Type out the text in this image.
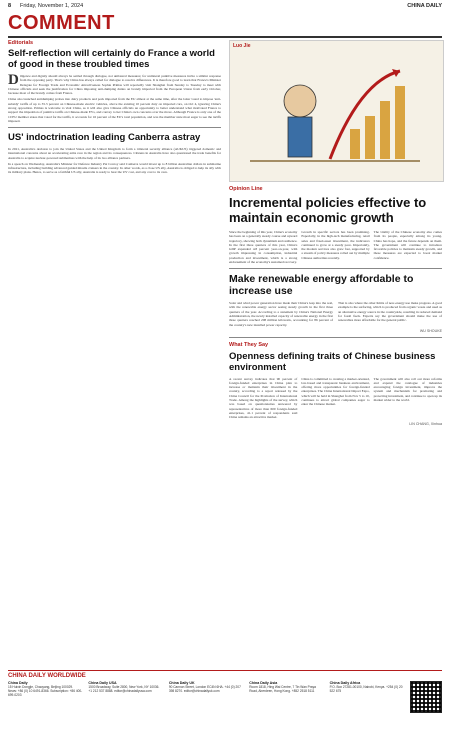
8 Friday, November 1, 2024	CHINA DAILY
COMMENT
Editorials
Self-reflection will certainly do France a world of good in these troubled times

Diligence and dignity should always be settled through dialogue, not unilateral measures; for unilateral punitive measures invite a similar response from the opposing party. That's why China has always called for dialogue to resolve differences. It is therefore good to learn that France's Minister Delegate for Foreign Trade and Economic Attractiveness Sophie Primas will reportedly visit Shanghai from Sunday to Tuesday to meet with Chinese officials and seek the justification for China imposing anti-dumping duties on brandy imported from the European Union from early October, because most of the brandy comes from France.

China also launched antidumping probes into dairy products and pork imported from the EU almost at the same time, after the latter voted to impose 'anti-subsidy' tariffs of up to 35.3 percent on Chinese-made electric vehicles, above the existing 10 percent duty on imported cars, on Oct 4, ignoring China's strong opposition. Primas is welcome to visit China, as it will also give Chinese officials an opportunity to better understand what motivated France to support the imposition of punitive tariffs on Chinese-made EVs, and convey to her China's own concerns over the move. Although France is only one of the 10 EU member states that voted for the tariffs, it accounts for 16 percent of the EU's total population, and was the member state most eager to see the tariffs imposed.

US' indoctrination leading Canberra astray

In 2021, Australia's decision to join the United States and the United Kingdom to form a trilateral security alliance (AUKUS) triggered domestic and international concerns about an accelerating arms race in the region and its consequences. Citizens in Australia have also questioned the trade benefits for Australia to acquire nuclear-powered submarines with the help of its two alliance partners.

In a speech on Wednesday, Australia's Minister for Defence Industry Pat Conroy said Canberra would invest up to 8 billion Australian dollars in submarine infrastructure, including building advanced guided missile cruisers in the country. In other words, as a close US ally, Australia is obliged to help its ally with its military plans. Hence, to serve as a faithful US ally, Australia is ready to bear the US' cost, and any cost to its own.

Luo Jie
Opinion Line
Incremental policies effective to maintain economic growth

Since the beginning of this year, China's economy has been on a generally steady course and upward trajectory, showing both dynamism and resilience. In the first three quarters of this year, China's GDP expanded 4.8 percent year-on-year, with growth impressing in consumption, industrial production and investment, which is a strong endorsement of the economy's sustained recovery.

Growth in specific sectors has been promising. Especially, in the high-tech manufacturing, retail sales and fixed-asset investment, the indicators continued to grow at a steady pace. Importantly, the modern services also grew fast, supported by a stream of policy measures rolled out by multiple Chinese authorities recently.

The vitality of the Chinese economy also comes from its people, especially among its young. China has hope, and the future depends on them. The government will continue to introduce favorable policies to maintain steady growth, and these measures are expected to boost market confidence.

Make renewable energy affordable to increase use

Solar and wind power generation have made their China's leap into the real, with the renewable energy sector seeing steady growth in the first three quarters of the year. According to a statement by China's National Energy Administration, the newly installed capacity of renewable energy in the first three quarters reached 208 million kilowatts, accounting for 86 percent of the country's new installed power capacity.

That is also where the other limits of new-energy use make progress. A good example is the surfacing, which is produced from organic waste and used as an alternative energy source in the countryside, resulting in reduced demand for fossil fuels. Experts say the government should make the use of renewables more affordable for the general public.

WU SHOUKE
What They Say
Openness defining traits of Chinese business environment

A recent survey indicates that 90 percent of foreign-funded enterprises in China plan to increase or maintain their investment in the country, according to a report released by the China Council for the Promotion of International Trade. Among the highlights of the survey, which was based on questionnaires answered by representatives of more than 600 foreign-funded enterprises, 41.1 percent of respondents said China remains an attractive market.

China is committed to creating a market-oriented, law-based and transparent business environment, offering more opportunities for foreign-funded enterprises. The China International Import Expo, which will be held in Shanghai from Nov 5 to 10, continues to attract global companies eager to enter the Chinese market.

The government will also roll out more reforms and expand the catalogue of industries encouraging foreign investment, improve the system and mechanism for promoting and protecting investment, and continue to open up its market wider to the world.

LIN CHANG, Xinhua
CHINA DAILY WORLDWIDE
China Daily
15 Huixin Dongjie, Chaoyang, Beijing 100029. News: +86 (0) 10 6491-8366. Subscription: +86 400-699-0203
China Daily USA
1500 Broadway, Suite 2800, New York, NY 10036. +1 212 537 8888. editor@chinadailyusa.com
China Daily UK
90 Cannon Street, London EC4N 6HA. +44 (0) 207 398 8270. editor@chinadailyuk.com
China Daily Asia
Room 1818, Hing Wai Centre, 7 Tin Wan Praya Road, Aberdeen, Hong Kong. +852 2518 5111
China Daily Africa
P.O. Box 27281-00100, Nairobi, Kenya. +254 (0) 20 522 675
